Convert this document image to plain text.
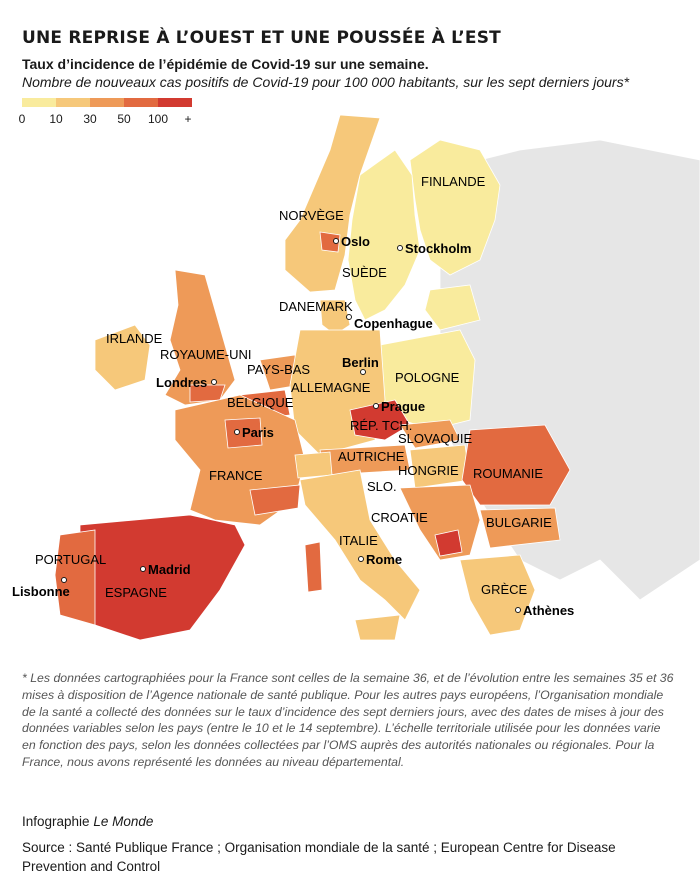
UNE REPRISE À L’OUEST ET UNE POUSSÉE À L’EST
Taux d’incidence de l’épidémie de Covid-19 sur une semaine.
Nombre de nouveaux cas positifs de Covid-19 pour 100 000 habitants, sur les sept derniers jours*
0 10 30 50 100 +
FINLANDE
NORVÈGE
SUÈDE
DANEMARK
IRLANDE
ROYAUME-UNI
PAYS-BAS
ALLEMAGNE
POLOGNE
BELGIQUE
RÉP. TCH.
SLOVAQUIE
AUTRICHE
HONGRIE ROUMANIE
FRANCE
SLO.
CROATIE	BULGARIE
ITALIE
PORTUGAL
ESPAGNE	GRÈCE
Oslo	Stockholm
Copenhague
Berlin
Londres
Prague
Paris
Madrid
Lisbonne
Rome
Athènes
* Les données cartographiées pour la France sont celles de la semaine 36, et de l’évolution entre les semaines 35 et 36 mises à disposition de l’Agence nationale de santé publique. Pour les autres pays européens, l’Organisation mondiale de la santé a collecté des données sur le taux d’incidence des sept derniers jours, avec des dates de mises à jour des données variables selon les pays (entre le 10 et le 14 septembre). L’échelle territoriale utilisée pour les données varie en fonction des pays, selon les données collectées par l’OMS auprès des autorités nationales ou régionales. Pour la France, nous avons représenté les données au niveau départemental.
Infographie Le Monde
Source : Santé Publique France ; Organisation mondiale de la santé ; European Centre for Disease Prevention and Control
